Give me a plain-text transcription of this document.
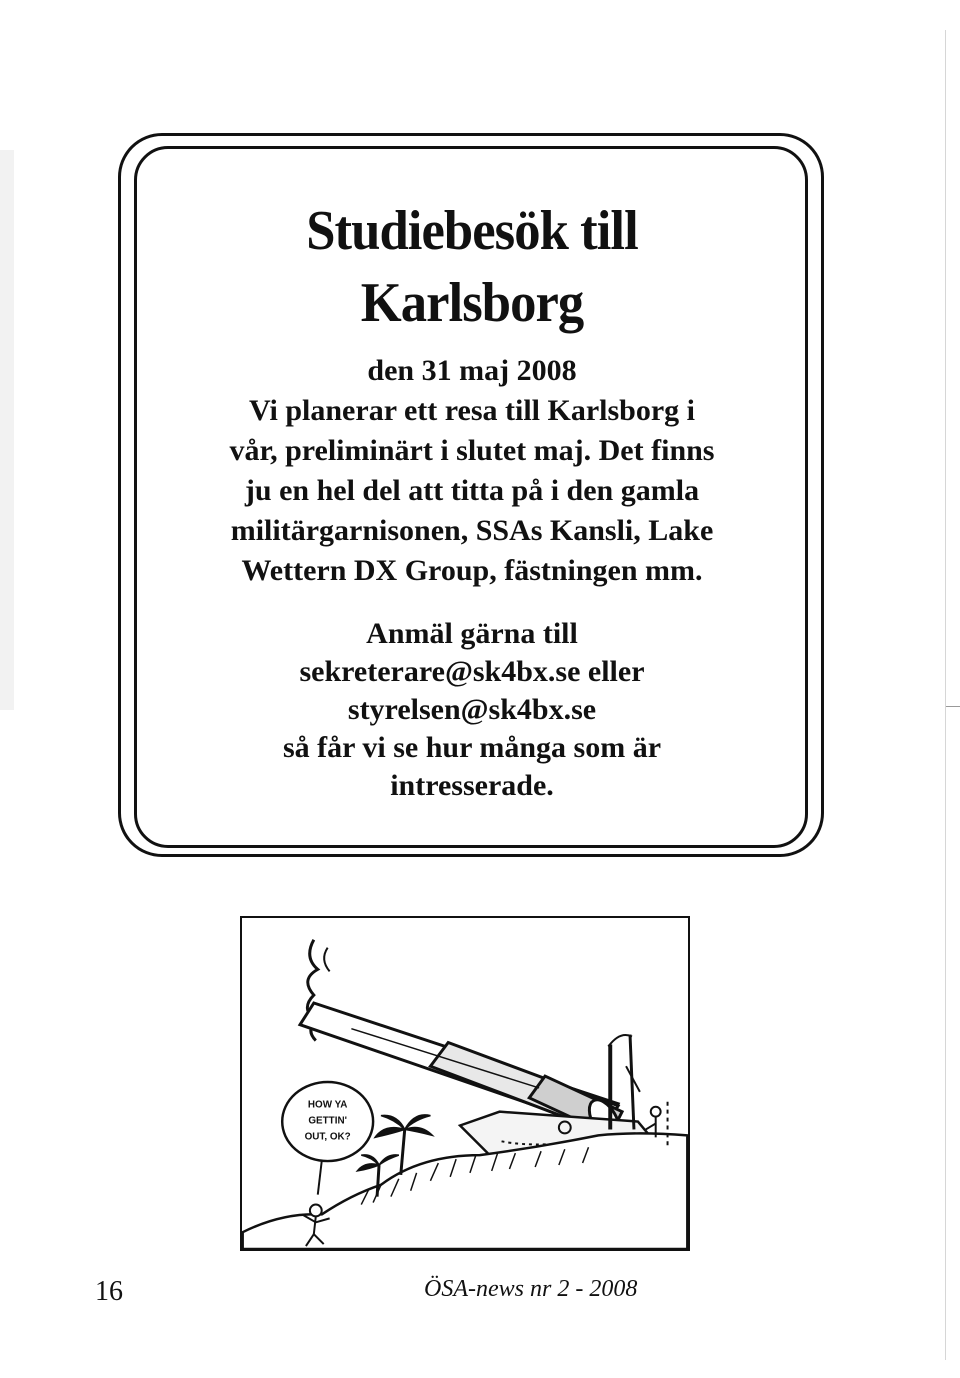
Studiebesök till
Karlsborg
den 31 maj 2008
Vi planerar ett resa till Karlsborg i
vår, preliminärt i slutet maj. Det finns
ju en hel del att titta på i den gamla
militärgarnisonen, SSAs Kansli, Lake
Wettern DX Group, fästningen mm.
Anmäl gärna till
sekreterare@sk4bx.se eller
styrelsen@sk4bx.se
så får vi se hur många som är
intresserade.
HOW YA
GETTIN'
OUT, OK?
16	ÖSA-news nr 2 - 2008
